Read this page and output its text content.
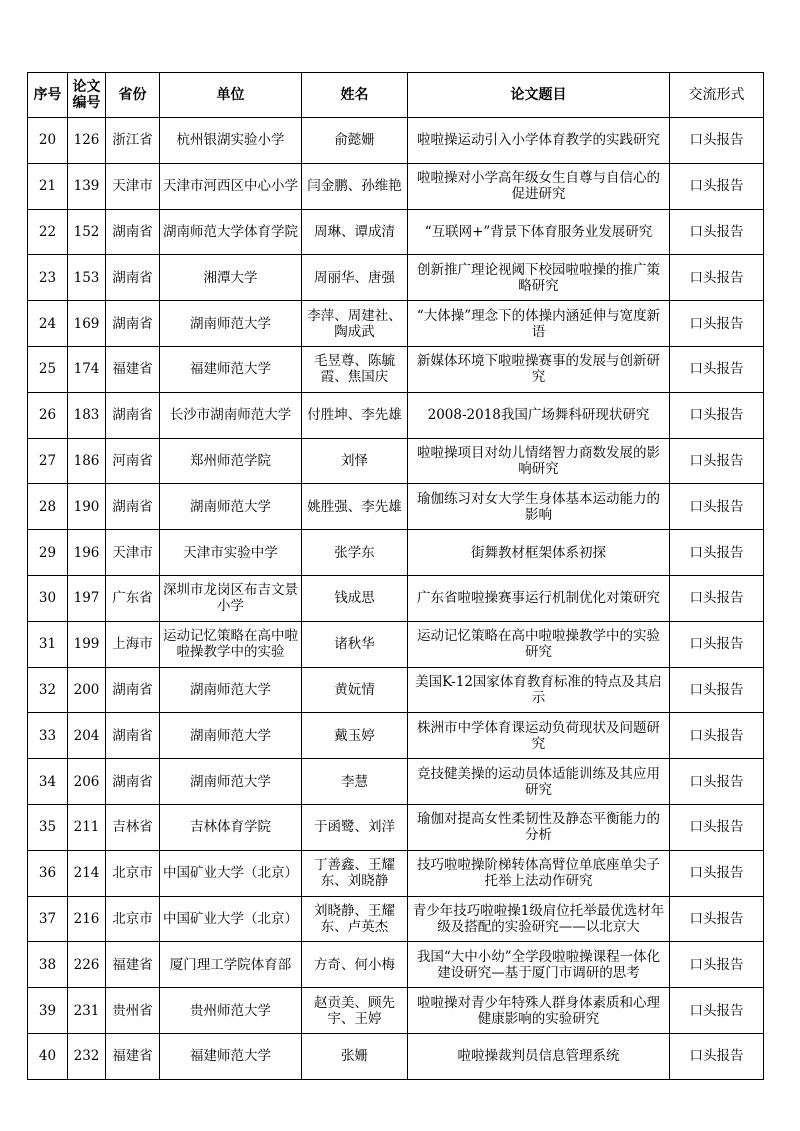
序号	论文编号	省份	单位	姓名	论文题目	交流形式

20	126	浙江省	杭州银湖实验小学	俞懿姗	啦啦操运动引入小学体育教学的实践研究	口头报告

21	139	天津市	天津市河西区中心小学	闫金鹏、孙维艳	啦啦操对小学高年级女生自尊与自信心的促进研究	口头报告

22	152	湖南省	湖南师范大学体育学院	周琳、谭成清	“互联网+”背景下体育服务业发展研究	口头报告

23	153	湖南省	湘潭大学	周丽华、唐强	创新推广理论视阈下校园啦啦操的推广策略研究	口头报告

24	169	湖南省	湖南师范大学	李萍、周建社、陶成武	“大体操”理念下的体操内涵延伸与宽度新语	口头报告

25	174	福建省	福建师范大学	毛昱尊、陈毓霞、焦国庆	新媒体环境下啦啦操赛事的发展与创新研究	口头报告

26	183	湖南省	长沙市湖南师范大学	付胜坤、李先雄	2008-2018我国广场舞科研现状研究	口头报告

27	186	河南省	郑州师范学院	刘怿	啦啦操项目对幼儿情绪智力商数发展的影响研究	口头报告

28	190	湖南省	湖南师范大学	姚胜强、李先雄	瑜伽练习对女大学生身体基本运动能力的影响	口头报告

29	196	天津市	天津市实验中学	张学东	街舞教材框架体系初探	口头报告

30	197	广东省	深圳市龙岗区布吉文景小学	钱成思	广东省啦啦操赛事运行机制优化对策研究	口头报告

31	199	上海市	运动记忆策略在高中啦啦操教学中的实验	诸秋华	运动记忆策略在高中啦啦操教学中的实验研究	口头报告

32	200	湖南省	湖南师范大学	黄妧情	美国K-12国家体育教育标准的特点及其启示	口头报告

33	204	湖南省	湖南师范大学	戴玉婷	株洲市中学体育课运动负荷现状及问题研究	口头报告

34	206	湖南省	湖南师范大学	李慧	竞技健美操的运动员体适能训练及其应用研究	口头报告

35	211	吉林省	吉林体育学院	于函鹭、刘洋	瑜伽对提高女性柔韧性及静态平衡能力的分析	口头报告

36	214	北京市	中国矿业大学（北京）	丁善鑫、王耀东、刘晓静	技巧啦啦操阶梯转体高臂位单底座单尖子托举上法动作研究	口头报告

37	216	北京市	中国矿业大学（北京）	刘晓静、王耀东、卢英杰	青少年技巧啦啦操1级肩位托举最优选材年级及搭配的实验研究——以北京大	口头报告

38	226	福建省	厦门理工学院体育部	方奇、何小梅	我国“大中小幼”全学段啦啦操课程一体化建设研究—基于厦门市调研的思考	口头报告

39	231	贵州省	贵州师范大学	赵贡美、顾先宇、王婷	啦啦操对青少年特殊人群身体素质和心理健康影响的实验研究	口头报告

40	232	福建省	福建师范大学	张姗	啦啦操裁判员信息管理系统	口头报告
